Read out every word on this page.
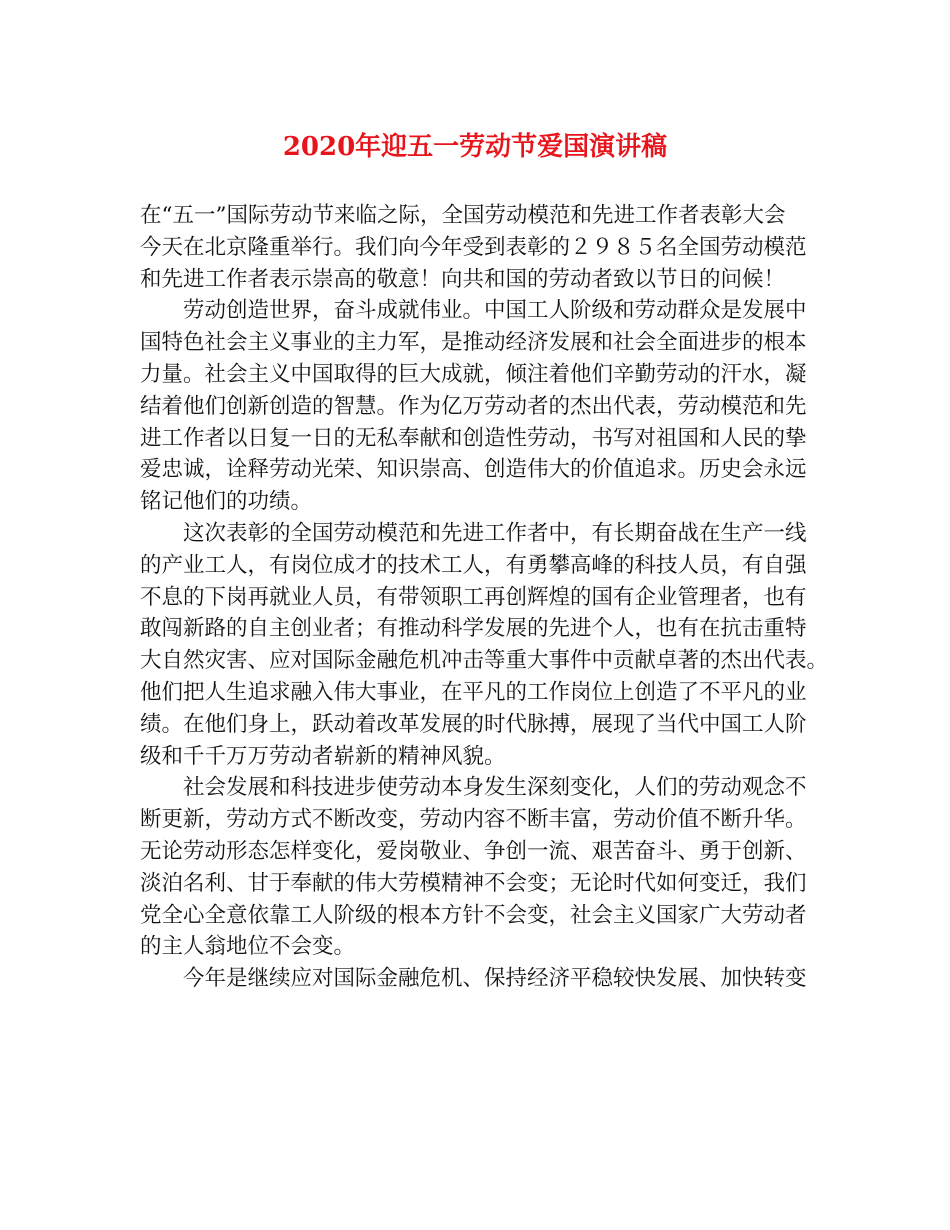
2020年迎五一劳动节爱国演讲稿

在“五一”国际劳动节来临之际，全国劳动模范和先进工作者表彰大会

今天在北京隆重举行。我们向今年受到表彰的２９８５名全国劳动模范

和先进工作者表示崇高的敬意！向共和国的劳动者致以节日的问候！

　　劳动创造世界，奋斗成就伟业。中国工人阶级和劳动群众是发展中

国特色社会主义事业的主力军，是推动经济发展和社会全面进步的根本

力量。社会主义中国取得的巨大成就，倾注着他们辛勤劳动的汗水，凝

结着他们创新创造的智慧。作为亿万劳动者的杰出代表，劳动模范和先

进工作者以日复一日的无私奉献和创造性劳动，书写对祖国和人民的挚

爱忠诚，诠释劳动光荣、知识崇高、创造伟大的价值追求。历史会永远

铭记他们的功绩。

　　这次表彰的全国劳动模范和先进工作者中，有长期奋战在生产一线

的产业工人，有岗位成才的技术工人，有勇攀高峰的科技人员，有自强

不息的下岗再就业人员，有带领职工再创辉煌的国有企业管理者，也有

敢闯新路的自主创业者；有推动科学发展的先进个人，也有在抗击重特

大自然灾害、应对国际金融危机冲击等重大事件中贡献卓著的杰出代表。

他们把人生追求融入伟大事业，在平凡的工作岗位上创造了不平凡的业

绩。在他们身上，跃动着改革发展的时代脉搏，展现了当代中国工人阶

级和千千万万劳动者崭新的精神风貌。

　　社会发展和科技进步使劳动本身发生深刻变化，人们的劳动观念不

断更新，劳动方式不断改变，劳动内容不断丰富，劳动价值不断升华。

无论劳动形态怎样变化，爱岗敬业、争创一流、艰苦奋斗、勇于创新、

淡泊名利、甘于奉献的伟大劳模精神不会变；无论时代如何变迁，我们

党全心全意依靠工人阶级的根本方针不会变，社会主义国家广大劳动者

的主人翁地位不会变。

　　今年是继续应对国际金融危机、保持经济平稳较快发展、加快转变
